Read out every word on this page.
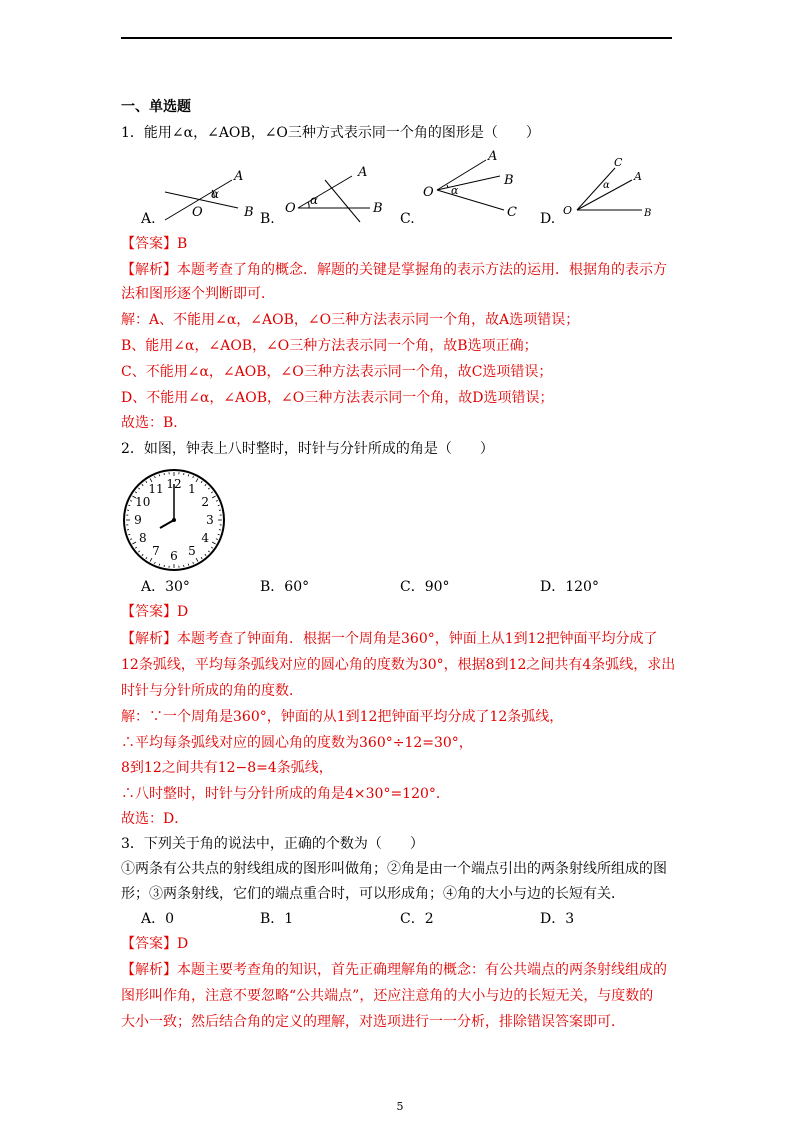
一、单选题
1．能用∠α，∠AOB，∠O三种方式表示同一个角的图形是（　　）
A
α
O	B
A
O
α
B
A
O α
B
C
C
α
A
O	B
A.	B.	C.	D.
【答案】B
【解析】本题考查了角的概念．解题的关键是掌握角的表示方法的运用．根据角的表示方
法和图形逐个判断即可．
解：A、不能用∠α，∠AOB，∠O三种方法表示同一个角，故A选项错误；
B、能用∠α，∠AOB，∠O三种方法表示同一个角，故B选项正确；
C、不能用∠α，∠AOB，∠O三种方法表示同一个角，故C选项错误；
D、不能用∠α，∠AOB，∠O三种方法表示同一个角，故D选项错误；
故选：B．
2．如图，钟表上八时整时，时针与分针所成的角是（　　）
12 1
2
3
4
5
6
7
8
9
10
11
A．30°	B．60°	C．90°	D．120°
【答案】D
【解析】本题考查了钟面角．根据一个周角是360°，钟面上从1到12把钟面平均分成了
12条弧线，平均每条弧线对应的圆心角的度数为30°，根据8到12之间共有4条弧线，求出
时针与分针所成的角的度数．
解：∵一个周角是360°，钟面的从1到12把钟面平均分成了12条弧线，
∴平均每条弧线对应的圆心角的度数为360°÷12=30°，
8到12之间共有12−8=4条弧线，
∴八时整时，时针与分针所成的角是4×30°=120°．
故选：D．
3．下列关于角的说法中，正确的个数为（　　）
①两条有公共点的射线组成的图形叫做角；②角是由一个端点引出的两条射线所组成的图
形；③两条射线，它们的端点重合时，可以形成角；④角的大小与边的长短有关．
A．0	B．1	C．2	D．3
【答案】D
【解析】本题主要考查角的知识，首先正确理解角的概念：有公共端点的两条射线组成的
图形叫作角，注意不要忽略“公共端点”，还应注意角的大小与边的长短无关，与度数的
大小一致；然后结合角的定义的理解，对选项进行一一分析，排除错误答案即可．
5
